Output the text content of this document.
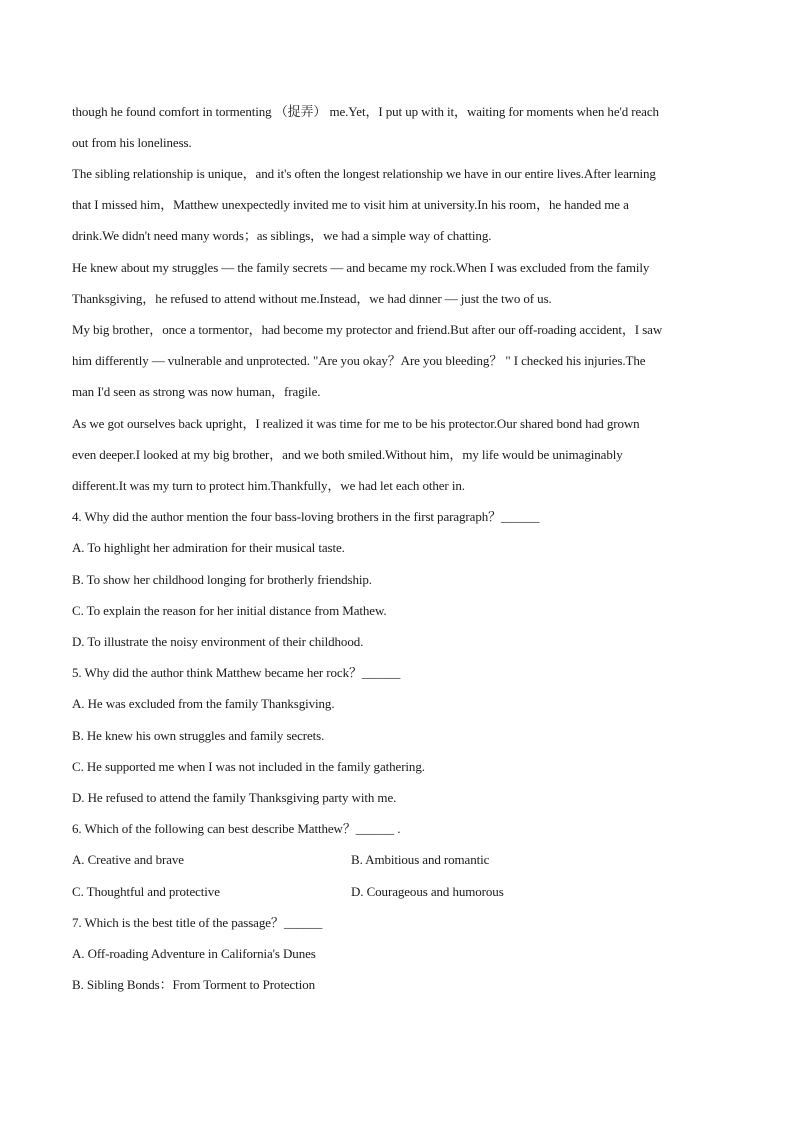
though he found comfort in tormenting （捉弄） me.Yet，I put up with it，waiting for moments when he'd reach
out from his loneliness.
The sibling relationship is unique，and it's often the longest relationship we have in our entire lives.After learning
that I missed him，Matthew unexpectedly invited me to visit him at university.In his room，he handed me a
drink.We didn't need many words；as siblings，we had a simple way of chatting.
He knew about my struggles — the family secrets — and became my rock.When I was excluded from the family
Thanksgiving，he refused to attend without me.Instead，we had dinner — just the two of us.
My big brother，once a tormentor，had become my protector and friend.But after our off-roading accident，I saw
him differently — vulnerable and unprotected. "Are you okay？Are you bleeding？ " I checked his injuries.The
man I'd seen as strong was now human，fragile.
As we got ourselves back upright，I realized it was time for me to be his protector.Our shared bond had grown
even deeper.I looked at my big brother，and we both smiled.Without him，my life would be unimaginably
different.It was my turn to protect him.Thankfully，we had let each other in.
4. Why did the author mention the four bass-loving brothers in the first paragraph？______
A. To highlight her admiration for their musical taste.
B. To show her childhood longing for brotherly friendship.
C. To explain the reason for her initial distance from Mathew.
D. To illustrate the noisy environment of their childhood.
5. Why did the author think Matthew became her rock？______
A. He was excluded from the family Thanksgiving.
B. He knew his own struggles and family secrets.
C. He supported me when I was not included in the family gathering.
D. He refused to attend the family Thanksgiving party with me.
6. Which of the following can best describe Matthew？______ .
A. Creative and brave	B. Ambitious and romantic
C. Thoughtful and protective	D. Courageous and humorous
7. Which is the best title of the passage？______
A. Off-roading Adventure in California's Dunes
B. Sibling Bonds：From Torment to Protection
